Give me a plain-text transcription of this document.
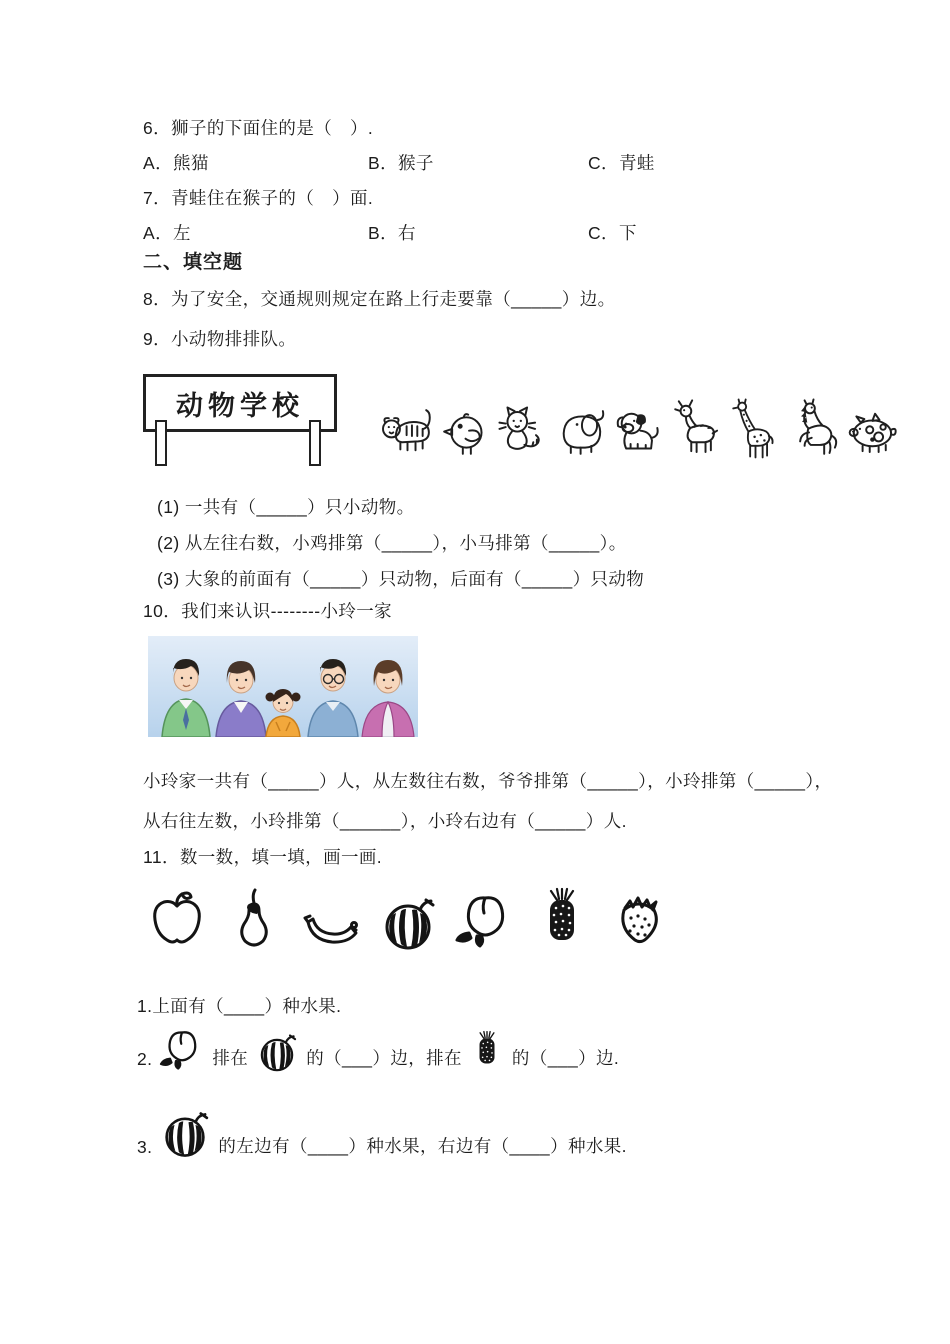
6．狮子的下面住的是（　）.
A．熊猫	B．猴子	C．青蛙
7．青蛙住在猴子的（　）面.
A．左	B．右	C．下
二、填空题
8．为了安全，交通规则规定在路上行走要靠（_____）边。
9．小动物排排队。
动物学校
(1) 一共有（_____）只小动物。
(2) 从左往右数，小鸡排第（_____），小马排第（_____）。
(3) 大象的前面有（_____）只动物，后面有（_____）只动物
10．我们来认识--------小玲一家
小玲家一共有（_____）人，从左数往右数，爷爷排第（_____），小玲排第（_____），
从右往左数，小玲排第（______），小玲右边有（_____）人.
11．数一数，填一填，画一画.
1.上面有（____）种水果.
2.	排在	的（___）边，排在	的（___）边.
3.	的左边有（____）种水果，右边有（____）种水果.
